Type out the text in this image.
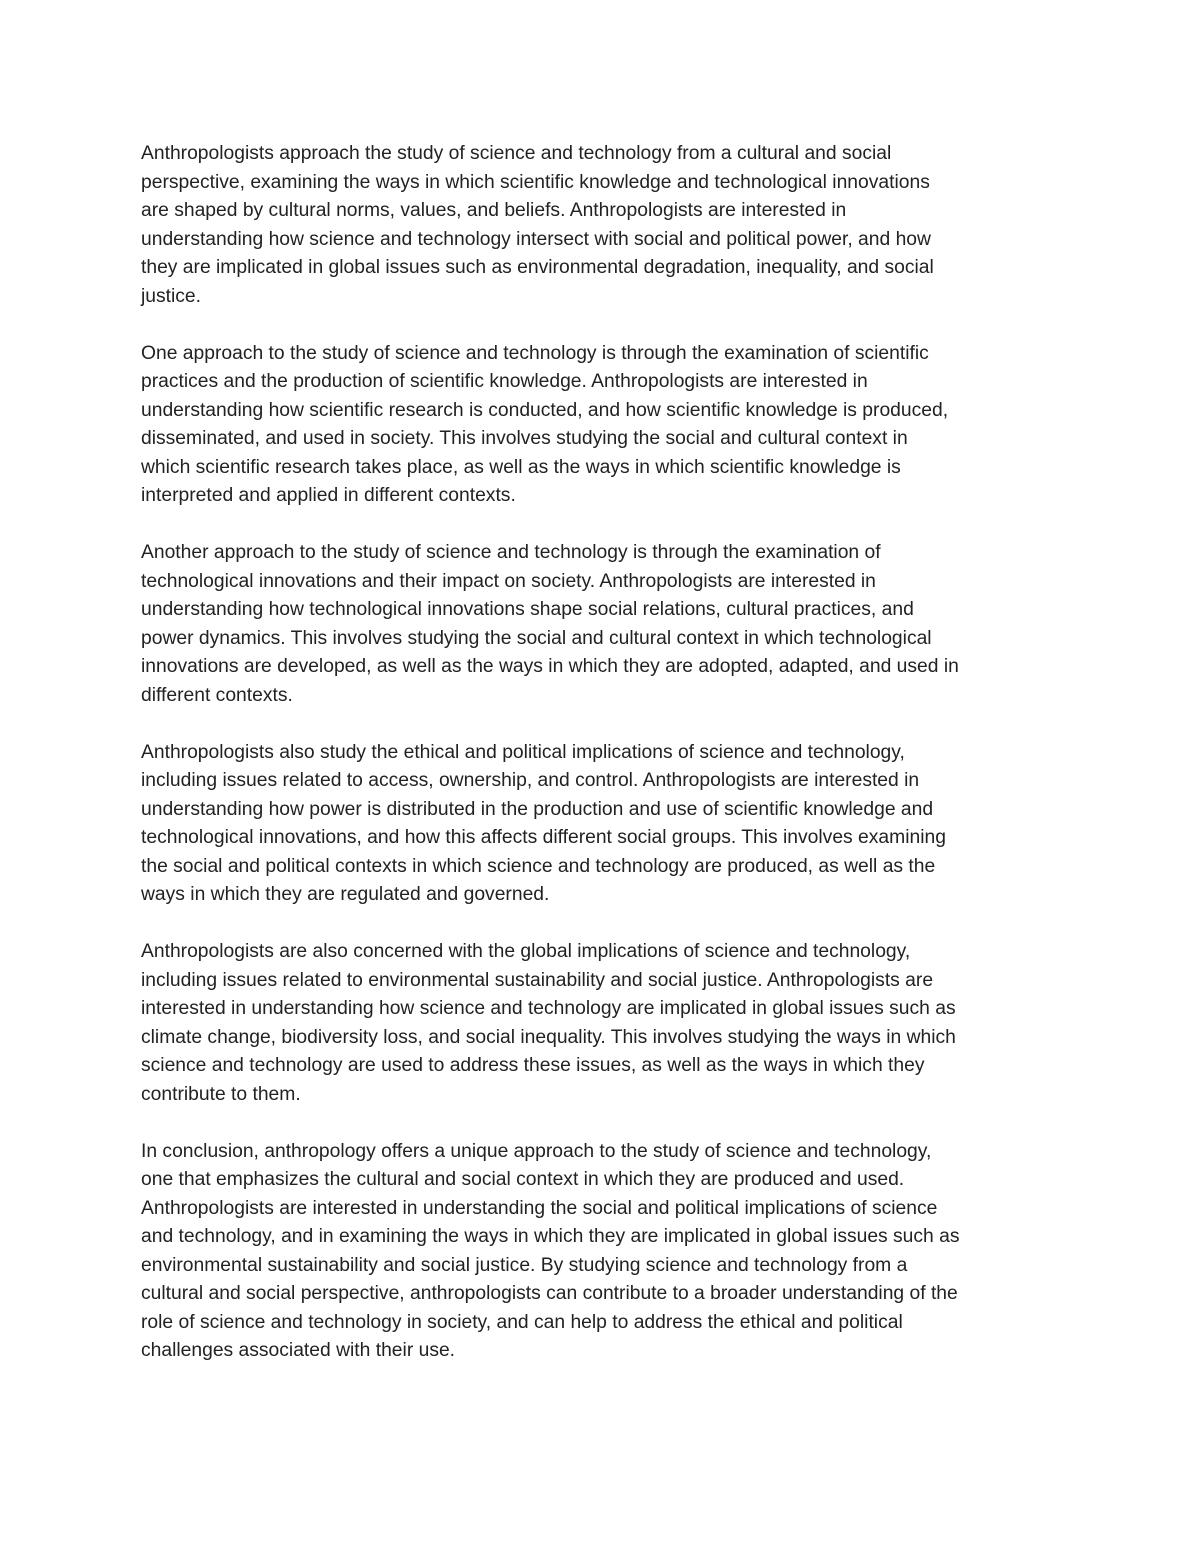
Anthropologists approach the study of science and technology from a cultural and social
perspective, examining the ways in which scientific knowledge and technological innovations
are shaped by cultural norms, values, and beliefs. Anthropologists are interested in
understanding how science and technology intersect with social and political power, and how
they are implicated in global issues such as environmental degradation, inequality, and social
justice.

One approach to the study of science and technology is through the examination of scientific
practices and the production of scientific knowledge. Anthropologists are interested in
understanding how scientific research is conducted, and how scientific knowledge is produced,
disseminated, and used in society. This involves studying the social and cultural context in
which scientific research takes place, as well as the ways in which scientific knowledge is
interpreted and applied in different contexts.

Another approach to the study of science and technology is through the examination of
technological innovations and their impact on society. Anthropologists are interested in
understanding how technological innovations shape social relations, cultural practices, and
power dynamics. This involves studying the social and cultural context in which technological
innovations are developed, as well as the ways in which they are adopted, adapted, and used in
different contexts.

Anthropologists also study the ethical and political implications of science and technology,
including issues related to access, ownership, and control. Anthropologists are interested in
understanding how power is distributed in the production and use of scientific knowledge and
technological innovations, and how this affects different social groups. This involves examining
the social and political contexts in which science and technology are produced, as well as the
ways in which they are regulated and governed.

Anthropologists are also concerned with the global implications of science and technology,
including issues related to environmental sustainability and social justice. Anthropologists are
interested in understanding how science and technology are implicated in global issues such as
climate change, biodiversity loss, and social inequality. This involves studying the ways in which
science and technology are used to address these issues, as well as the ways in which they
contribute to them.

In conclusion, anthropology offers a unique approach to the study of science and technology,
one that emphasizes the cultural and social context in which they are produced and used.
Anthropologists are interested in understanding the social and political implications of science
and technology, and in examining the ways in which they are implicated in global issues such as
environmental sustainability and social justice. By studying science and technology from a
cultural and social perspective, anthropologists can contribute to a broader understanding of the
role of science and technology in society, and can help to address the ethical and political
challenges associated with their use.
